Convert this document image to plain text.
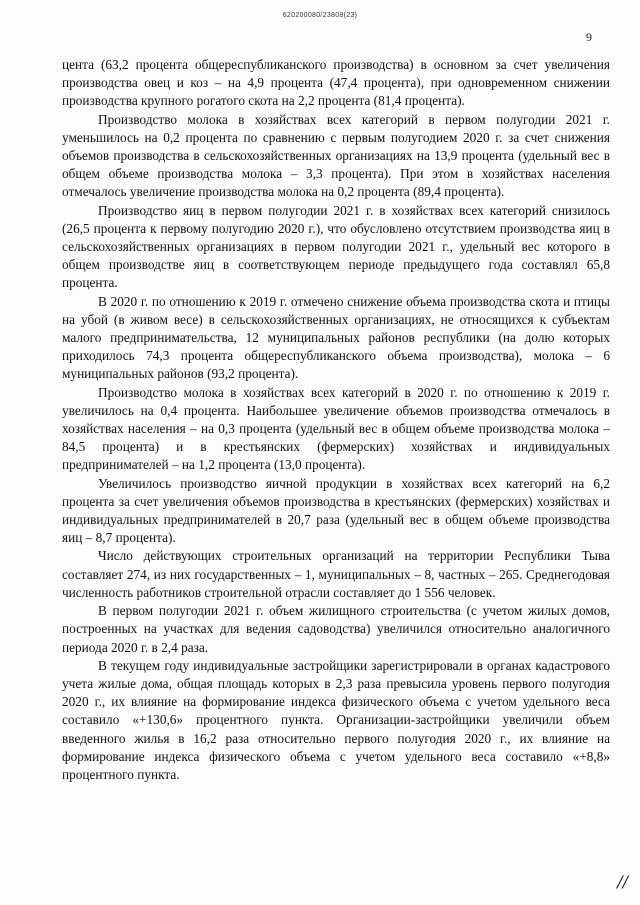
620200080/23808(23)
9

цента (63,2 процента общереспубликанского производства) в основном за счет увеличения производства овец и коз – на 4,9 процента (47,4 процента), при одновременном снижении производства крупного рогатого скота на 2,2 процента (81,4 процента).

Производство молока в хозяйствах всех категорий в первом полугодии 2021 г. уменьшилось на 0,2 процента по сравнению с первым полугодием 2020 г. за счет снижения объемов производства в сельскохозяйственных организациях на 13,9 процента (удельный вес в общем объеме производства молока – 3,3 процента). При этом в хозяйствах населения отмечалось увеличение производства молока на 0,2 процента (89,4 процента).

Производство яиц в первом полугодии 2021 г. в хозяйствах всех категорий снизилось (26,5 процента к первому полугодию 2020 г.), что обусловлено отсутствием производства яиц в сельскохозяйственных организациях в первом полугодии 2021 г., удельный вес которого в общем производстве яиц в соответствующем периоде предыдущего года составлял 65,8 процента.

В 2020 г. по отношению к 2019 г. отмечено снижение объема производства скота и птицы на убой (в живом весе) в сельскохозяйственных организациях, не относящихся к субъектам малого предпринимательства, 12 муниципальных районов республики (на долю которых приходилось 74,3 процента общереспубликанского объема производства), молока – 6 муниципальных районов (93,2 процента).

Производство молока в хозяйствах всех категорий в 2020 г. по отношению к 2019 г. увеличилось на 0,4 процента. Наибольшее увеличение объемов производства отмечалось в хозяйствах населения – на 0,3 процента (удельный вес в общем объеме производства молока – 84,5 процента) и в крестьянских (фермерских) хозяйствах и индивидуальных предпринимателей – на 1,2 процента (13,0 процента).

Увеличилось производство яичной продукции в хозяйствах всех категорий на 6,2 процента за счет увеличения объемов производства в крестьянских (фермерских) хозяйствах и индивидуальных предпринимателей в 20,7 раза (удельный вес в общем объеме производства яиц – 8,7 процента).

Число действующих строительных организаций на территории Республики Тыва составляет 274, из них государственных – 1, муниципальных – 8, частных – 265. Среднегодовая численность работников строительной отрасли составляет до 1 556 человек.

В первом полугодии 2021 г. объем жилищного строительства (с учетом жилых домов, построенных на участках для ведения садоводства) увеличился относительно аналогичного периода 2020 г. в 2,4 раза.

В текущем году индивидуальные застройщики зарегистрировали в органах кадастрового учета жилые дома, общая площадь которых в 2,3 раза превысила уровень первого полугодия 2020 г., их влияние на формирование индекса физического объема с учетом удельного веса составило «+130,6» процентного пункта. Организации-застройщики увеличили объем введенного жилья в 16,2 раза относительно первого полугодия 2020 г., их влияние на формирование индекса физического объема с учетом удельного веса составило «+8,8» процентного пункта.

//
